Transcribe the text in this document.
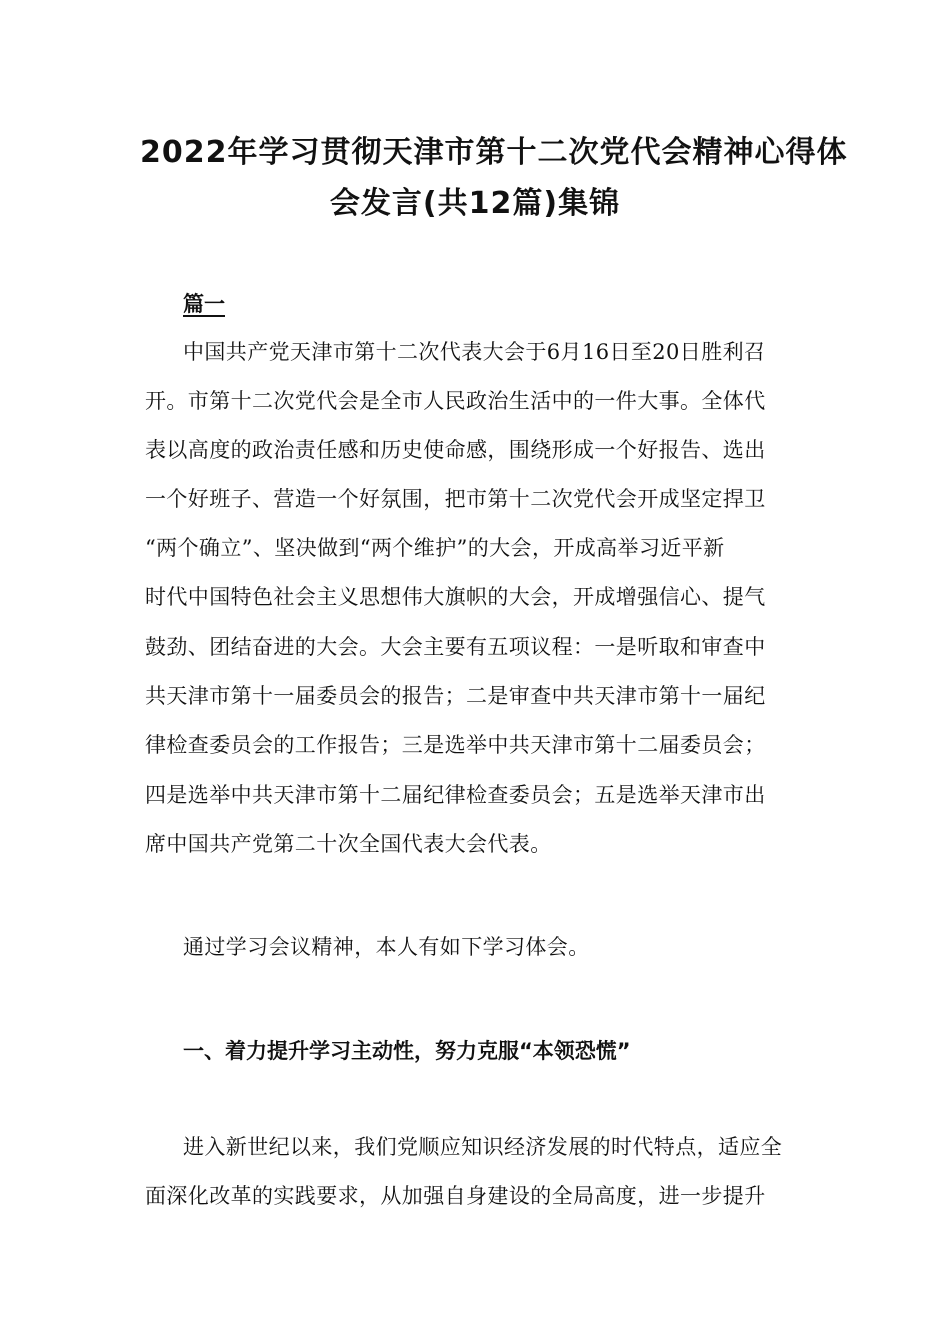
2022年学习贯彻天津市第十二次党代会精神心得体
会发言(共12篇)集锦
篇一
中国共产党天津市第十二次代表大会于6月16日至20日胜利召
开。市第十二次党代会是全市人民政治生活中的一件大事。全体代
表以高度的政治责任感和历史使命感，围绕形成一个好报告、选出
一个好班子、营造一个好氛围，把市第十二次党代会开成坚定捍卫
“两个确立”、坚决做到“两个维护”的大会，开成高举习近平新
时代中国特色社会主义思想伟大旗帜的大会，开成增强信心、提气
鼓劲、团结奋进的大会。大会主要有五项议程：一是听取和审查中
共天津市第十一届委员会的报告；二是审查中共天津市第十一届纪
律检查委员会的工作报告；三是选举中共天津市第十二届委员会；
四是选举中共天津市第十二届纪律检查委员会；五是选举天津市出
席中国共产党第二十次全国代表大会代表。
通过学习会议精神，本人有如下学习体会。
一、着力提升学习主动性，努力克服“本领恐慌”
进入新世纪以来，我们党顺应知识经济发展的时代特点，适应全
面深化改革的实践要求，从加强自身建设的全局高度，进一步提升
